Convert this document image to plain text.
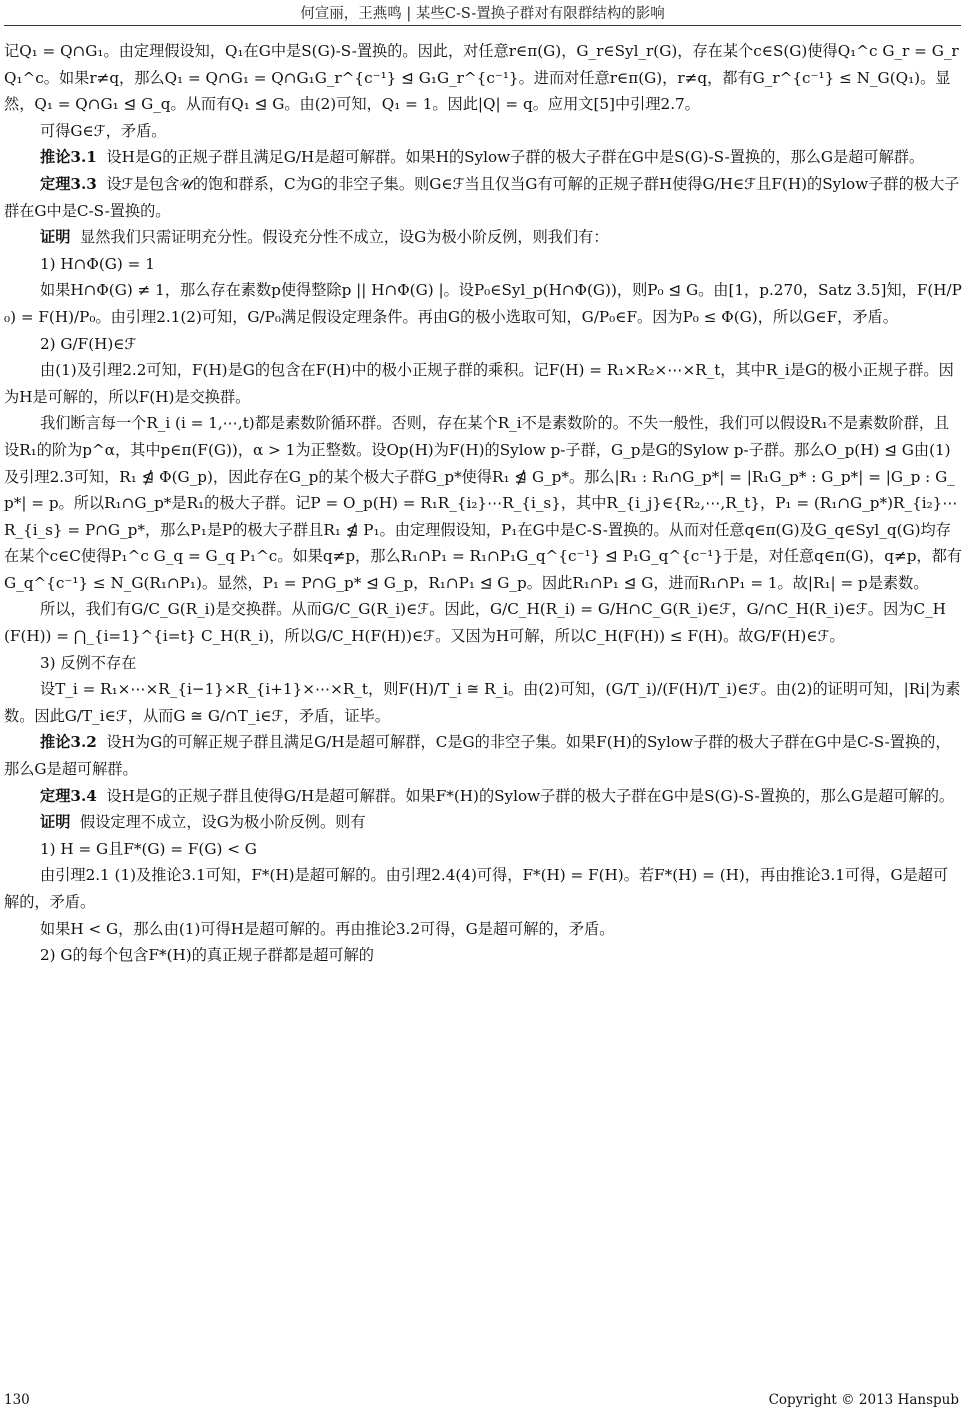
何宣丽，王燕鸣 | 某些C-S-置换子群对有限群结构的影响

记Q₁ = Q∩G₁。由定理假设知，Q₁在G中是S(G)-S-置换的。因此，对任意r∈π(G)，G_r∈Syl_r(G)，存在某个c∈S(G)使得Q₁^c G_r = G_r Q₁^c。如果r≠q，那么Q₁ = Q∩G₁ = Q∩G₁G_r^{c⁻¹} ⊴ G₁G_r^{c⁻¹}。进而对任意r∈π(G)，r≠q，都有G_r^{c⁻¹} ≤ N_G(Q₁)。显然，Q₁ = Q∩G₁ ⊴ G_q。从而有Q₁ ⊴ G。由(2)可知，Q₁ = 1。因此|Q| = q。应用文[5]中引理2.7。

可得G∈ℱ，矛盾。

推论3.1 设H是G的正规子群且满足G/H是超可解群。如果H的Sylow子群的极大子群在G中是S(G)-S-置换的，那么G是超可解群。

定理3.3 设ℱ是包含𝒰的饱和群系，C为G的非空子集。则G∈ℱ当且仅当G有可解的正规子群H使得G/H∈ℱ且F(H)的Sylow子群的极大子群在G中是C-S-置换的。

证明 显然我们只需证明充分性。假设充分性不成立，设G为极小阶反例，则我们有：

1) H∩Φ(G) = 1

如果H∩Φ(G) ≠ 1，那么存在素数p使得整除p || H∩Φ(G) |。设P₀∈Syl_p(H∩Φ(G))，则P₀ ⊴ G。由[1，p.270，Satz 3.5]知，F(H/P₀) = F(H)/P₀。由引理2.1(2)可知，G/P₀满足假设定理条件。再由G的极小选取可知，G/P₀∈F。因为P₀ ≤ Φ(G)，所以G∈F，矛盾。

2) G/F(H)∈ℱ

由(1)及引理2.2可知，F(H)是G的包含在F(H)中的极小正规子群的乘积。记F(H) = R₁×R₂×⋯×R_t，其中R_i是G的极小正规子群。因为H是可解的，所以F(H)是交换群。

我们断言每一个R_i (i = 1,⋯,t)都是素数阶循环群。否则，存在某个R_i不是素数阶的。不失一般性，我们可以假设R₁不是素数阶群，且设R₁的阶为p^α，其中p∈π(F(G))，α > 1为正整数。设Op(H)为F(H)的Sylow p-子群，G_p是G的Sylow p-子群。那么O_p(H) ⊴ G由(1)及引理2.3可知，R₁ ⋬ Φ(G_p)，因此存在G_p的某个极大子群G_p*使得R₁ ⋬ G_p*。那么|R₁ : R₁∩G_p*| = |R₁G_p* : G_p*| = |G_p : G_p*| = p。所以R₁∩G_p*是R₁的极大子群。记P = O_p(H) = R₁R_{i₂}⋯R_{i_s}，其中R_{i_j}∈{R₂,⋯,R_t}，P₁ = (R₁∩G_p*)R_{i₂}⋯R_{i_s} = P∩G_p*，那么P₁是P的极大子群且R₁ ⋬ P₁。由定理假设知，P₁在G中是C-S-置换的。从而对任意q∈π(G)及G_q∈Syl_q(G)均存在某个c∈C使得P₁^c G_q = G_q P₁^c。如果q≠p，那么R₁∩P₁ = R₁∩P₁G_q^{c⁻¹} ⊴ P₁G_q^{c⁻¹}于是，对任意q∈π(G)，q≠p，都有G_q^{c⁻¹} ≤ N_G(R₁∩P₁)。显然，P₁ = P∩G_p* ⊴ G_p，R₁∩P₁ ⊴ G_p。因此R₁∩P₁ ⊴ G，进而R₁∩P₁ = 1。故|R₁| = p是素数。

所以，我们有G/C_G(R_i)是交换群。从而G/C_G(R_i)∈ℱ。因此，G/C_H(R_i) = G/H∩C_G(R_i)∈ℱ，G/∩C_H(R_i)∈ℱ。因为C_H(F(H)) = ⋂_{i=1}^{i=t} C_H(R_i)，所以G/C_H(F(H))∈ℱ。又因为H可解，所以C_H(F(H)) ≤ F(H)。故G/F(H)∈ℱ。

3) 反例不存在

设T_i = R₁×⋯×R_{i−1}×R_{i+1}×⋯×R_t，则F(H)/T_i ≅ R_i。由(2)可知，(G/T_i)/(F(H)/T_i)∈ℱ。由(2)的证明可知，|Ri|为素数。因此G/T_i∈ℱ，从而G ≅ G/∩T_i∈ℱ，矛盾，证毕。

推论3.2 设H为G的可解正规子群且满足G/H是超可解群，C是G的非空子集。如果F(H)的Sylow子群的极大子群在G中是C-S-置换的，那么G是超可解群。

定理3.4 设H是G的正规子群且使得G/H是超可解群。如果F*(H)的Sylow子群的极大子群在G中是S(G)-S-置换的，那么G是超可解的。

证明 假设定理不成立，设G为极小阶反例。则有

1) H = G且F*(G) = F(G) < G

由引理2.1 (1)及推论3.1可知，F*(H)是超可解的。由引理2.4(4)可得，F*(H) = F(H)。若F*(H) = (H)，再由推论3.1可得，G是超可解的，矛盾。

如果H < G，那么由(1)可得H是超可解的。再由推论3.2可得，G是超可解的，矛盾。

2) G的每个包含F*(H)的真正规子群都是超可解的

130	Copyright © 2013 Hanspub
